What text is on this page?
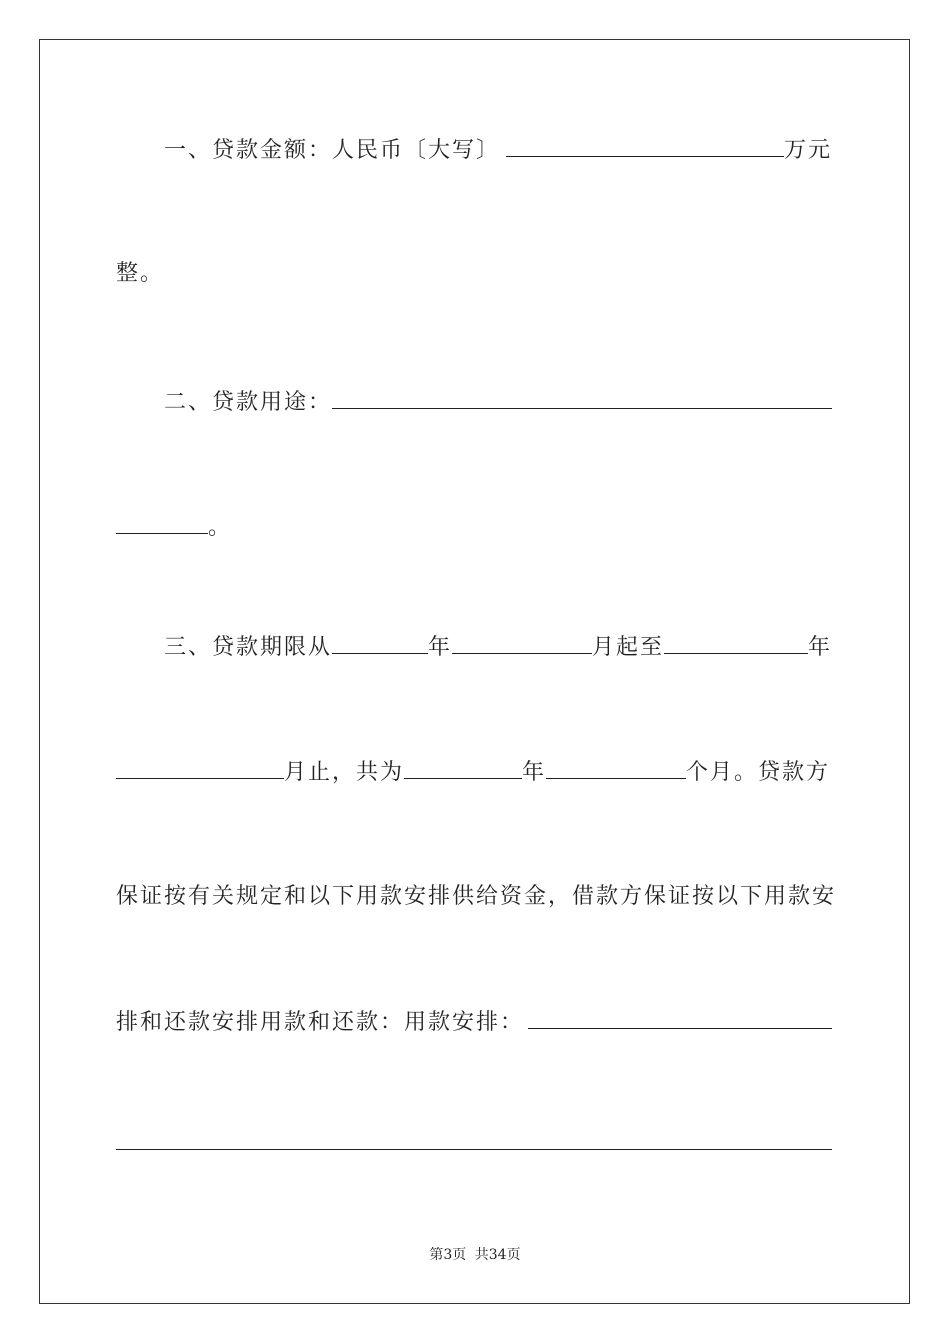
一、贷款金额：人民币〔大写〕	万元
整。
二、贷款用途：
。
三、贷款期限从	年	月起至	年
月止，共为	年	个月。贷款方
保证按有关规定和以下用款安排供给资金，借款方保证按以下用款安
排和还款安排用款和还款：用款安排：
第3页 共34页
